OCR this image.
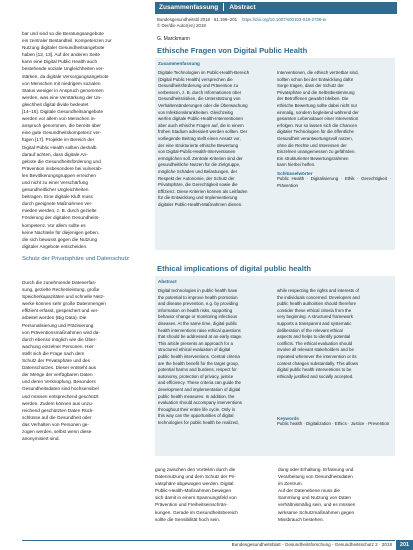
Zusammenfassung Abstract
Bundesgesundheitsbl 2018 · 61:199–201 https://doi.org/10.1007/s00103-018-2736-w
© Der/die Autor(en) 2018
G. Marckmann
Ethische Fragen von Digital Public Health
Zusammenfassung
Digitale Technologien im Public-Health-Bereich
(Digital Public Health) versprechen die
Gesundheitsförderung und Prävention zu
verbessern, z. B. durch Informationen über
Gesundheitsrisiken, die Unterstützung von
Verhaltensänderungen oder die Überwachung
von Infektionskrankheiten. Gleichzeitig
werfen digitale Public-Health-Interventionen
aber auch ethische Fragen auf, die in einem
frühen Stadium adressiert werden sollten. Der
vorliegende Beitrag stellt einen Ansatz vor,
der eine strukturierte ethische Bewertung
von Digital-Public-Health-Interventionen
ermöglichen soll. Zentrale Kriterien sind der
gesundheitliche Nutzen für die Zielgruppe,
mögliche Schäden und Belastungen, der
Respekt der Autonomie, der Schutz der
Privatsphäre, die Gerechtigkeit sowie die
Effizienz. Diese Kriterien können als Leitfaden
für die Entwicklung und Implementierung
digitaler Public-Health-Maßnahmen dienen.
Interventionen, die ethisch vertretbar sind,
sollten schon bei der Entwicklung dafür
Sorge tragen, dass der Schutz der
Privatsphäre und die Selbstbestimmung
der Betroffenen gewahrt bleiben. Die
ethische Bewertung sollte dabei nicht nur
einmalig, sondern begleitend während der
gesamten Lebensdauer einer Intervention
erfolgen. Nur so lassen sich die Chancen
digitaler Technologien für die öffentliche
Gesundheit verantwortungsvoll nutzen,
ohne die Rechte und Interessen der
Einzelnen unangemessen zu gefährden.
Ein strukturierter Bewertungsrahmen
kann hierbei helfen.
Schlüsselwörter
Public Health · Digitalisierung · Ethik · Gerechtigkeit · Prävention
Ethical implications of digital public health
Abstract
Digital technologies in public health have
the potential to improve health promotion
and disease prevention, e.g. by providing
information on health risks, supporting
behavior change or monitoring infectious
diseases. At the same time, digital public
health interventions raise ethical questions
that should be addressed at an early stage.
This article presents an approach for a
structured ethical evaluation of digital
public health interventions. Central criteria
are the health benefit for the target group,
potential harms and burdens, respect for
autonomy, protection of privacy, justice
and efficiency. These criteria can guide the
development and implementation of digital
public health measures. In addition, the
evaluation should accompany interventions
throughout their entire life cycle. Only in
this way can the opportunities of digital
technologies for public health be realized,
while respecting the rights and interests of
the individuals concerned. Developers and
public health authorities should therefore
consider these ethical criteria from the
very beginning. A structured framework
supports a transparent and systematic
deliberation of the relevant ethical
aspects and helps to identify potential
conflicts. The ethical evaluation should
involve all relevant stakeholders and be
repeated whenever the intervention or its
context changes substantially. This allows
digital public health interventions to be
ethically justified and socially accepted.
Keywords
Public health · Digitalization · Ethics · Justice · Prevention
bar und sind so die Beratungsangebote
ein zentraler Bestandteil. Kompetenzen zur
Nutzung digitaler Gesundheitsangebote
haben [12, 13]. Auf der anderen Seite
kann eine Digital Public Health auch
bestehende soziale Ungleichheiten ver-
stärken, da digitale Versorgungsangebote
von Menschen mit niedrigem sozialen
Status weniger in Anspruch genommen
werden, was eine Verstärkung der Un-
gleichheit digital divide bedeutet
[14–16]. Digitale Gesundheitsangebote
werden vor allem von Menschen in-
anspruch genommen, die bereits über
eine gute Gesundheitskompetenz ver-
fügen [17]. Projekte im Bereich der
Digital Public Health sollten deshalb
darauf achten, dass digitale An-
gebote die Gesundheitsförderung und
Prävention insbesondere bei vulnerab-
len Bevölkerungsgruppen erreichen
und nicht zu einer Verschärfung
gesundheitlicher Ungleichheiten
beitragen. Eine digitale Kluft muss
durch geeignete Maßnahmen ver-
mieden werden, z. B. durch gezielte
Förderung der digitalen Gesundheits-
kompetenz. Vor allem sollte es
keine Nachteile für diejenigen geben,
die sich bewusst gegen die Nutzung
digitaler Angebote entscheiden.
Schutz der Privatsphäre und Datenschutz
Durch die zunehmende Datenerfas-
sung, gezielte Rechenleistung, große
Speicherkapazitäten und schnelle Netz-
werke können sehr große Datenmengen
effizient erfasst, gespeichert und ver-
arbeitet werden (Big Data). Die
Personalisierung und Präzisierung
von Präventionsmaßnahmen wird da-
durch ebenso möglich wie die Über-
wachung einzelner Personen. Hier
stellt sich die Frage nach dem
Schutz der Privatsphäre und des
Datenschutzes. Dieser entsteht aus
der Menge der verfügbaren Daten
und deren Verknüpfung. Besonders
Gesundheitsdaten sind hochsensibel
und müssen entsprechend geschützt
werden. Zudem können aus unzu-
reichend geschützten Daten Rück-
schlüsse auf die Gesundheit oder
das Verhalten von Personen ge-
zogen werden, selbst wenn diese
anonymisiert sind.
gung zwischen den Vorteilen durch die
Datennutzung und dem Schutz der Pri-
vatsphäre abgewogen werden. Digital
Public-Health-Maßnahmen bewegen
sich damit in einem Spannungsfeld von
Prävention und Freiheitseinschrän-
kungen. Gerade im Gesundheitsbereich
sollte die Sensibilität hoch sein.
dung oder Erhaltung. Erfassung und
Verarbeitung von Gesundheitsdaten
im Zentrum.
Auf der Datenebene muss die
Sammlung und Nutzung von Daten
verhältnismäßig sein, und es müssen
wirksame Schutzmaßnahmen gegen
Missbrauch bestehen.
Bundesgesundheitsblatt - Gesundheitsforschung - Gesundheitsschutz 2 · 2018	201
